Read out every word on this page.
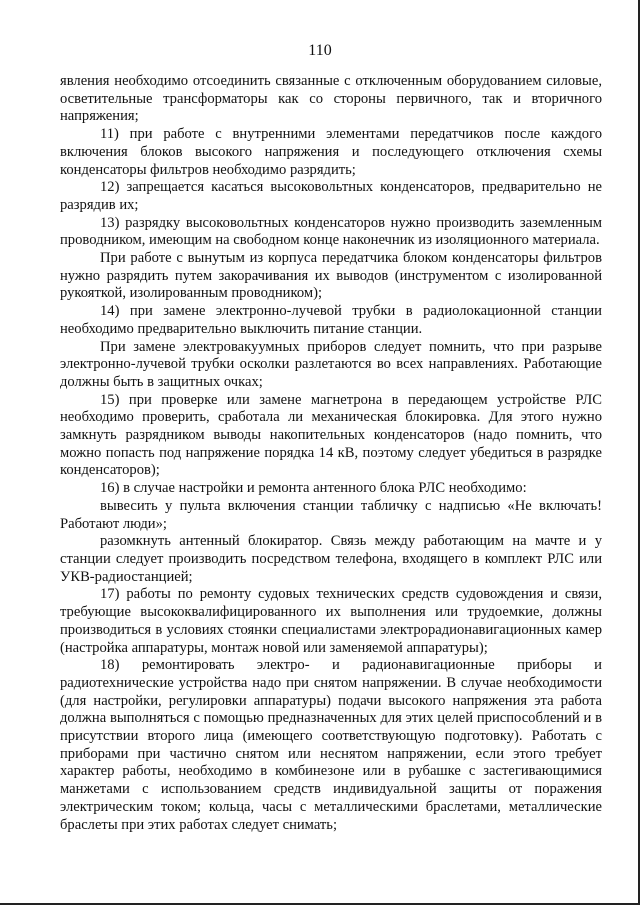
110

явления необходимо отсоединить связанные с отключенным оборудованием силовые, осветительные трансформаторы как со стороны первичного, так и вторичного напряжения;

11) при работе с внутренними элементами передатчиков после каждого включения блоков высокого напряжения и последующего отключения схемы конденсаторы фильтров необходимо разрядить;

12) запрещается касаться высоковольтных конденсаторов, предварительно не разрядив их;

13) разрядку высоковольтных конденсаторов нужно производить заземленным проводником, имеющим на свободном конце наконечник из изоляционного материала.

При работе с вынутым из корпуса передатчика блоком конденсаторы фильтров нужно разрядить путем закорачивания их выводов (инструментом с изолированной рукояткой, изолированным проводником);

14) при замене электронно-лучевой трубки в радиолокационной станции необходимо предварительно выключить питание станции.

При замене электровакуумных приборов следует помнить, что при разрыве электронно-лучевой трубки осколки разлетаются во всех направлениях. Работающие должны быть в защитных очках;

15) при проверке или замене магнетрона в передающем устройстве РЛС необходимо проверить, сработала ли механическая блокировка. Для этого нужно замкнуть разрядником выводы накопительных конденсаторов (надо помнить, что можно попасть под напряжение порядка 14 кВ, поэтому следует убедиться в разрядке конденсаторов);

16) в случае настройки и ремонта антенного блока РЛС необходимо:

вывесить у пульта включения станции табличку с надписью «Не включать! Работают люди»;

разомкнуть антенный блокиратор. Связь между работающим на мачте и у станции следует производить посредством телефона, входящего в комплект РЛС или УКВ-радиостанцией;

17) работы по ремонту судовых технических средств судовождения и связи, требующие высококвалифицированного их выполнения или трудоемкие, должны производиться в условиях стоянки специалистами электрорадионавигационных камер (настройка аппаратуры, монтаж новой или заменяемой аппаратуры);

18) ремонтировать электро- и радионавигационные приборы и радиотехнические устройства надо при снятом напряжении. В случае необходимости (для настройки, регулировки аппаратуры) подачи высокого напряжения эта работа должна выполняться с помощью предназначенных для этих целей приспособлений и в присутствии второго лица (имеющего соответствующую подготовку). Работать с приборами при частично снятом или неснятом напряжении, если этого требует характер работы, необходимо в комбинезоне или в рубашке с застегивающимися манжетами с использованием средств индивидуальной защиты от поражения электрическим током; кольца, часы с металлическими браслетами, металлические браслеты при этих работах следует снимать;
